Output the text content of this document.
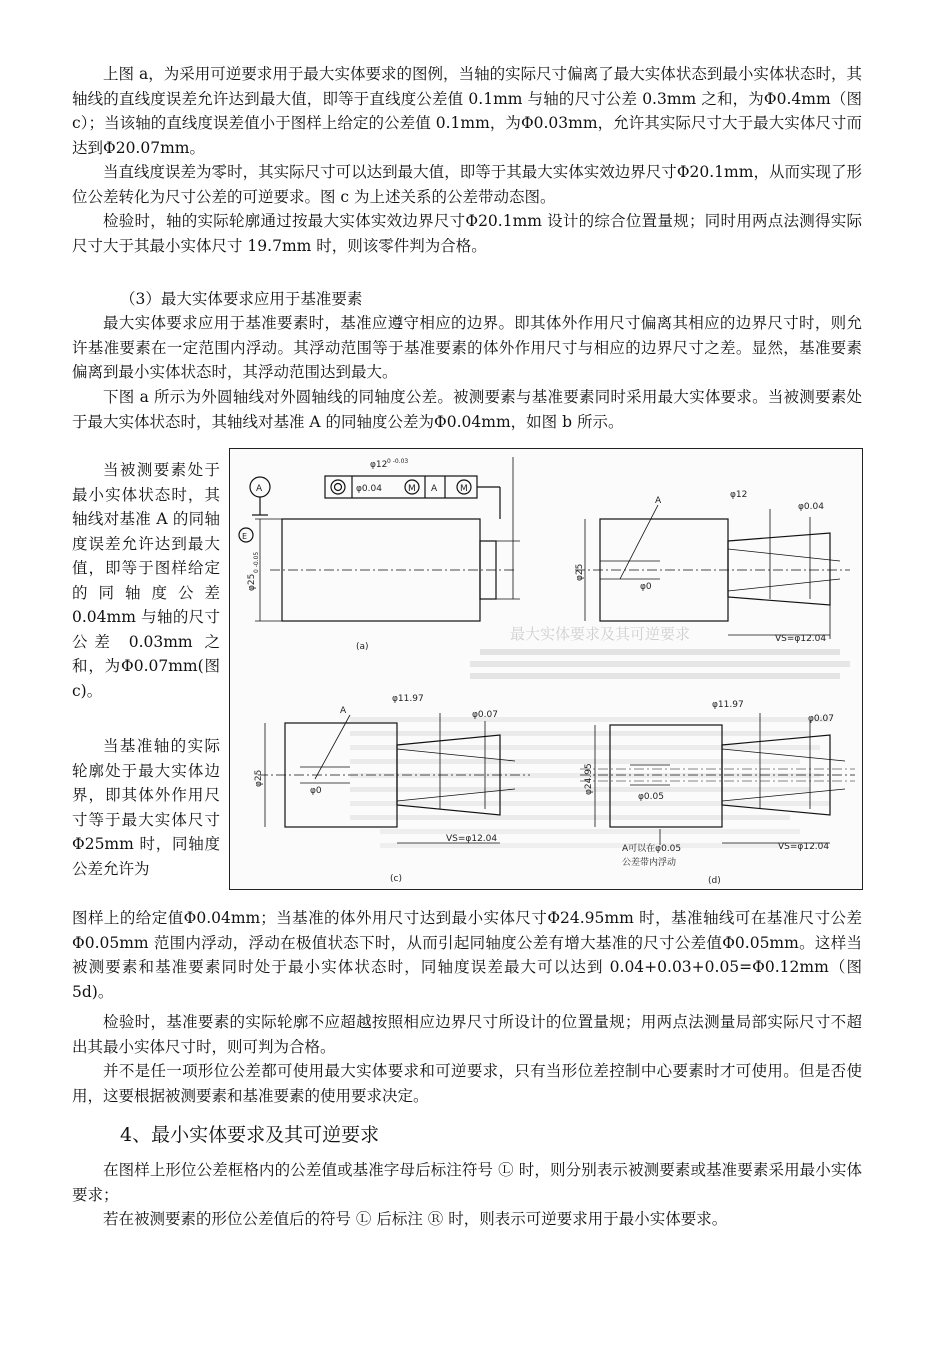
上图 a，为采用可逆要求用于最大实体要求的图例，当轴的实际尺寸偏离了最大实体状态到最小实体状态时，其轴线的直线度误差允许达到最大值，即等于直线度公差值 0.1mm 与轴的尺寸公差 0.3mm 之和，为Φ0.4mm（图 c）；当该轴的直线度误差值小于图样上给定的公差值 0.1mm，为Φ0.03mm，允许其实际尺寸大于最大实体尺寸而达到Φ20.07mm。

当直线度误差为零时，其实际尺寸可以达到最大值，即等于其最大实体实效边界尺寸Φ20.1mm，从而实现了形位公差转化为尺寸公差的可逆要求。图 c 为上述关系的公差带动态图。

检验时，轴的实际轮廓通过按最大实体实效边界尺寸Φ20.1mm 设计的综合位置量规；同时用两点法测得实际尺寸大于其最小实体尺寸 19.7mm 时，则该零件判为合格。

（3）最大实体要求应用于基准要素

最大实体要求应用于基准要素时，基准应遵守相应的边界。即其体外作用尺寸偏离其相应的边界尺寸时，则允许基准要素在一定范围内浮动。其浮动范围等于基准要素的体外作用尺寸与相应的边界尺寸之差。显然，基准要素偏离到最小实体状态时，其浮动范围达到最大。

下图 a 所示为外圆轴线对外圆轴线的同轴度公差。被测要素与基准要素同时采用最大实体要求。当被测要素处于最大实体状态时，其轴线对基准 A 的同轴度公差为Φ0.04mm，如图 b 所示。

当被测要素处于最小实体状态时，其轴线对基准 A 的同轴度误差允许达到最大值，即等于图样给定的同轴度公差 0.04mm 与轴的尺寸公差 0.03mm 之和，为Φ0.07mm(图 c)。

当基准轴的实际轮廓处于最大实体边界，即其体外作用尺寸等于最大实体尺寸Φ25mm 时，同轴度公差允许为

最大实体要求及其可逆要求
A	φ0.04	M A	M
φ12 0 -0.03
E
φ25
0 -0.05
(a)
A
φ12
φ0.04
φ25
φ0
VS=φ12.04
A
φ11.97
φ0.07
φ25
φ0
VS=φ12.04
(c)
φ11.97
φ0.07
φ24.95
φ0.05
A可以在φ0.05
公差带内浮动
VS=φ12.04
(d)

图样上的给定值Φ0.04mm；当基准的体外用尺寸达到最小实体尺寸Φ24.95mm 时，基准轴线可在基准尺寸公差Φ0.05mm 范围内浮动，浮动在极值状态下时，从而引起同轴度公差有增大基准的尺寸公差值Φ0.05mm。这样当被测要素和基准要素同时处于最小实体状态时，同轴度误差最大可以达到 0.04+0.03+0.05=Φ0.12mm（图 5d)。

检验时，基准要素的实际轮廓不应超越按照相应边界尺寸所设计的位置量规；用两点法测量局部实际尺寸不超出其最小实体尺寸时，则可判为合格。

并不是任一项形位公差都可使用最大实体要求和可逆要求，只有当形位差控制中心要素时才可使用。但是否使用，这要根据被测要素和基准要素的使用要求决定。

4、最小实体要求及其可逆要求

在图样上形位公差框格内的公差值或基准字母后标注符号 Ⓛ 时，则分别表示被测要素或基准要素采用最小实体要求；

若在被测要素的形位公差值后的符号 Ⓛ 后标注 Ⓡ 时，则表示可逆要求用于最小实体要求。
